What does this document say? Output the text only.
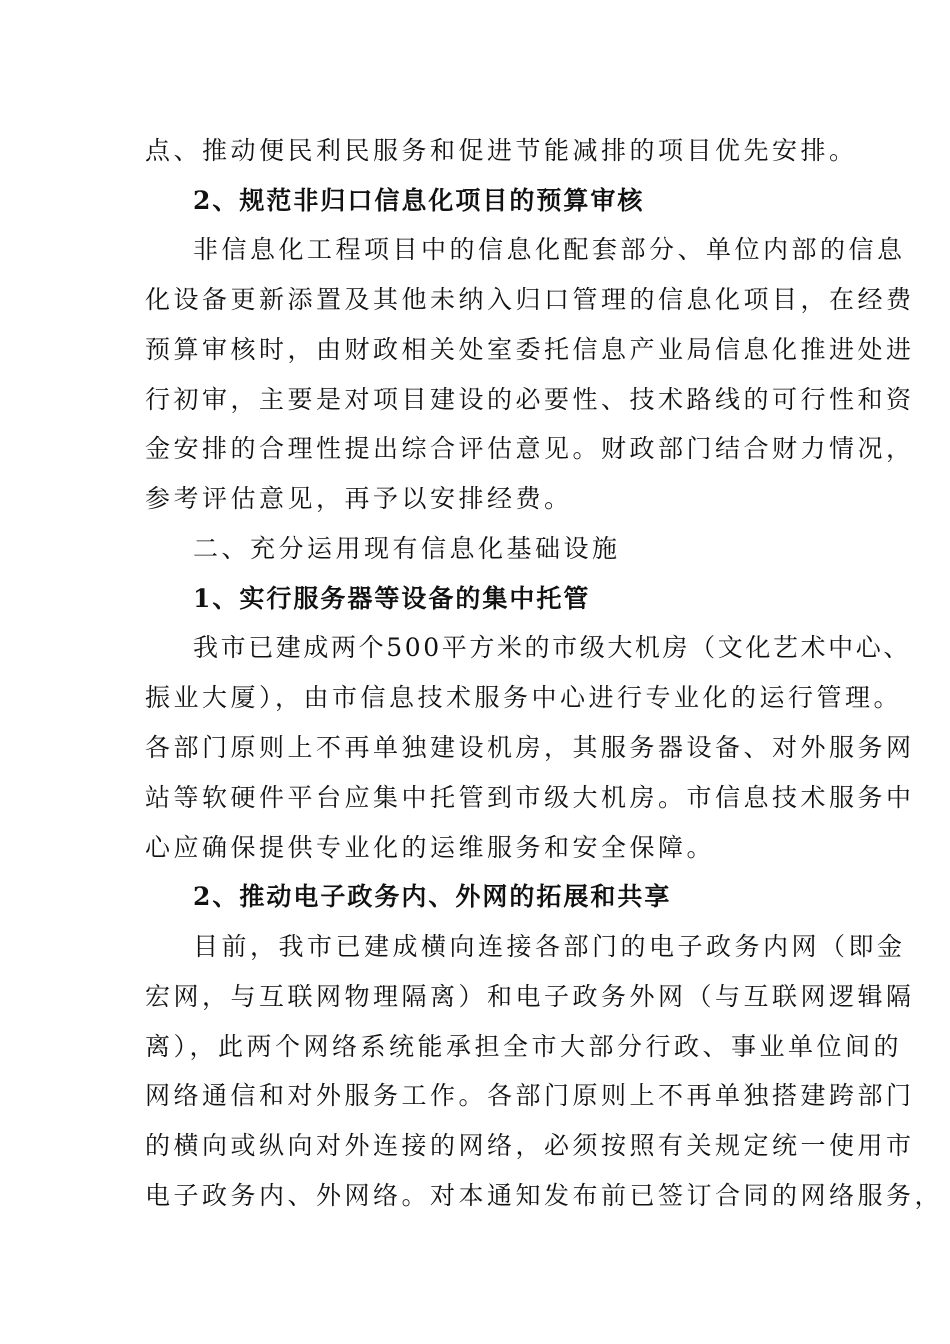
点、推动便民利民服务和促进节能减排的项目优先安排。
2、规范非归口信息化项目的预算审核
非信息化工程项目中的信息化配套部分、单位内部的信息
化设备更新添置及其他未纳入归口管理的信息化项目，在经费
预算审核时，由财政相关处室委托信息产业局信息化推进处进
行初审，主要是对项目建设的必要性、技术路线的可行性和资
金安排的合理性提出综合评估意见。财政部门结合财力情况，
参考评估意见，再予以安排经费。
二、充分运用现有信息化基础设施
1、实行服务器等设备的集中托管
我市已建成两个500平方米的市级大机房（文化艺术中心、
振业大厦），由市信息技术服务中心进行专业化的运行管理。
各部门原则上不再单独建设机房，其服务器设备、对外服务网
站等软硬件平台应集中托管到市级大机房。市信息技术服务中
心应确保提供专业化的运维服务和安全保障。
2、推动电子政务内、外网的拓展和共享
目前，我市已建成横向连接各部门的电子政务内网（即金
宏网，与互联网物理隔离）和电子政务外网（与互联网逻辑隔
离），此两个网络系统能承担全市大部分行政、事业单位间的
网络通信和对外服务工作。各部门原则上不再单独搭建跨部门
的横向或纵向对外连接的网络，必须按照有关规定统一使用市
电子政务内、外网络。对本通知发布前已签订合同的网络服务，
